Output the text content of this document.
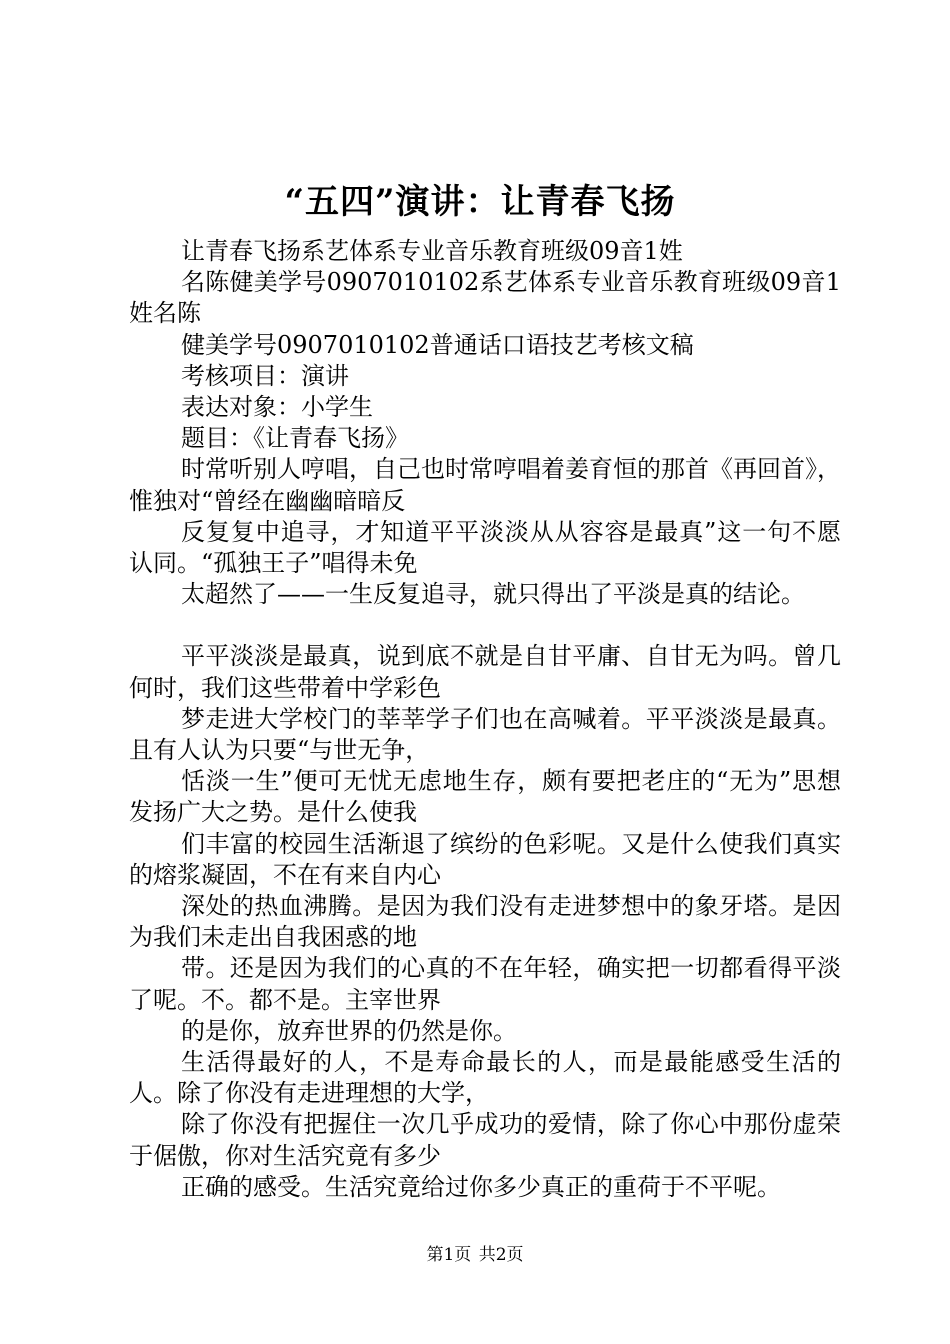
“五四”演讲：让青春飞扬

让青春飞扬系艺体系专业音乐教育班级09音1姓

名陈健美学号0907010102系艺体系专业音乐教育班级09音1姓名陈

健美学号0907010102普通话口语技艺考核文稿

考核项目：演讲

表达对象：小学生

题目：《让青春飞扬》

时常听别人哼唱，自己也时常哼唱着姜育恒的那首《再回首》，惟独对“曾经在幽幽暗暗反

反复复中追寻，才知道平平淡淡从从容容是最真”这一句不愿认同。“孤独王子”唱得未免

太超然了——一生反复追寻，就只得出了平淡是真的结论。

平平淡淡是最真，说到底不就是自甘平庸、自甘无为吗。曾几何时，我们这些带着中学彩色

梦走进大学校门的莘莘学子们也在高喊着。平平淡淡是最真。且有人认为只要“与世无争，

恬淡一生”便可无忧无虑地生存，颇有要把老庄的“无为”思想发扬广大之势。是什么使我

们丰富的校园生活渐退了缤纷的色彩呢。又是什么使我们真实的熔浆凝固，不在有来自内心

深处的热血沸腾。是因为我们没有走进梦想中的象牙塔。是因为我们未走出自我困惑的地

带。还是因为我们的心真的不在年轻，确实把一切都看得平淡了呢。不。都不是。主宰世界

的是你，放弃世界的仍然是你。

生活得最好的人，不是寿命最长的人，而是最能感受生活的人。除了你没有走进理想的大学，

除了你没有把握住一次几乎成功的爱情，除了你心中那份虚荣于倨傲，你对生活究竟有多少

正确的感受。生活究竟给过你多少真正的重荷于不平呢。

第1页 共2页
